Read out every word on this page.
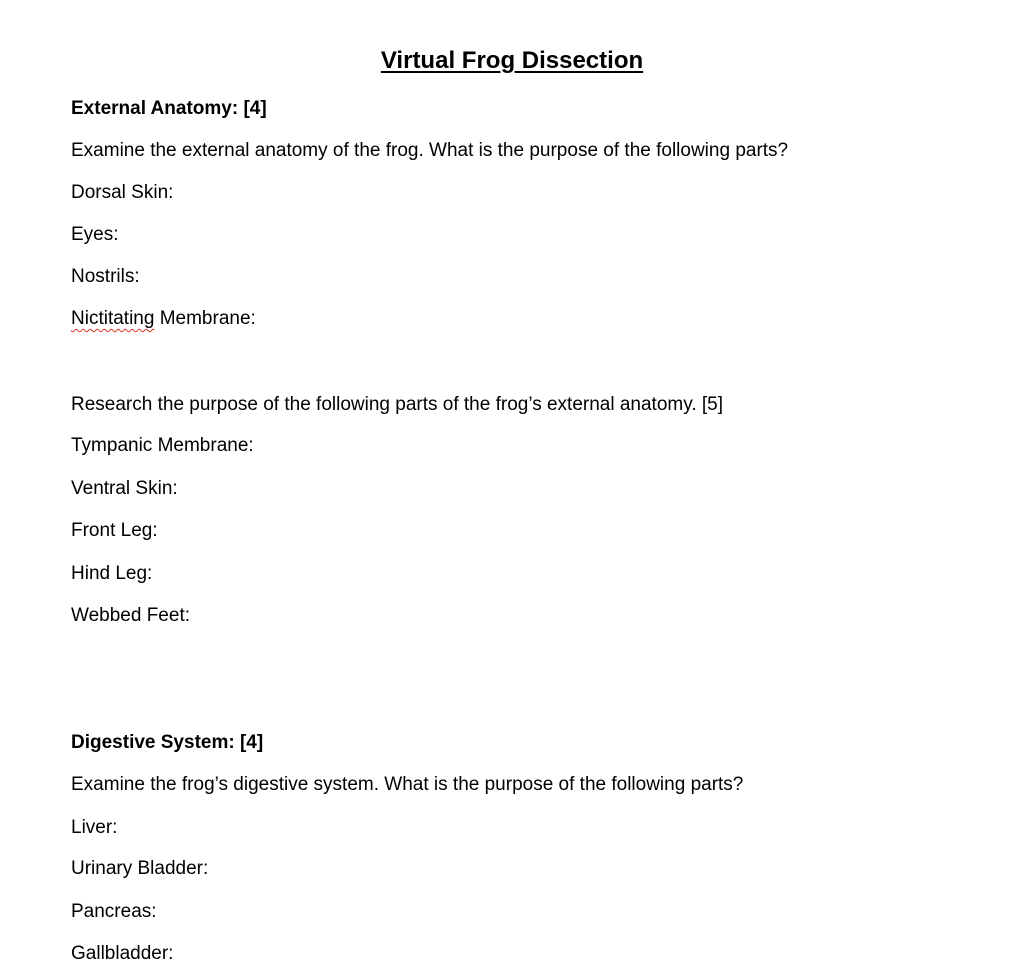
Virtual Frog Dissection

External Anatomy: [4]

Examine the external anatomy of the frog. What is the purpose of the following parts?

Dorsal Skin:

Eyes:

Nostrils:

Nictitating Membrane:

Research the purpose of the following parts of the frog’s external anatomy. [5]

Tympanic Membrane:

Ventral Skin:

Front Leg:

Hind Leg:

Webbed Feet:

Digestive System: [4]

Examine the frog’s digestive system. What is the purpose of the following parts?

Liver:

Urinary Bladder:

Pancreas:

Gallbladder:
